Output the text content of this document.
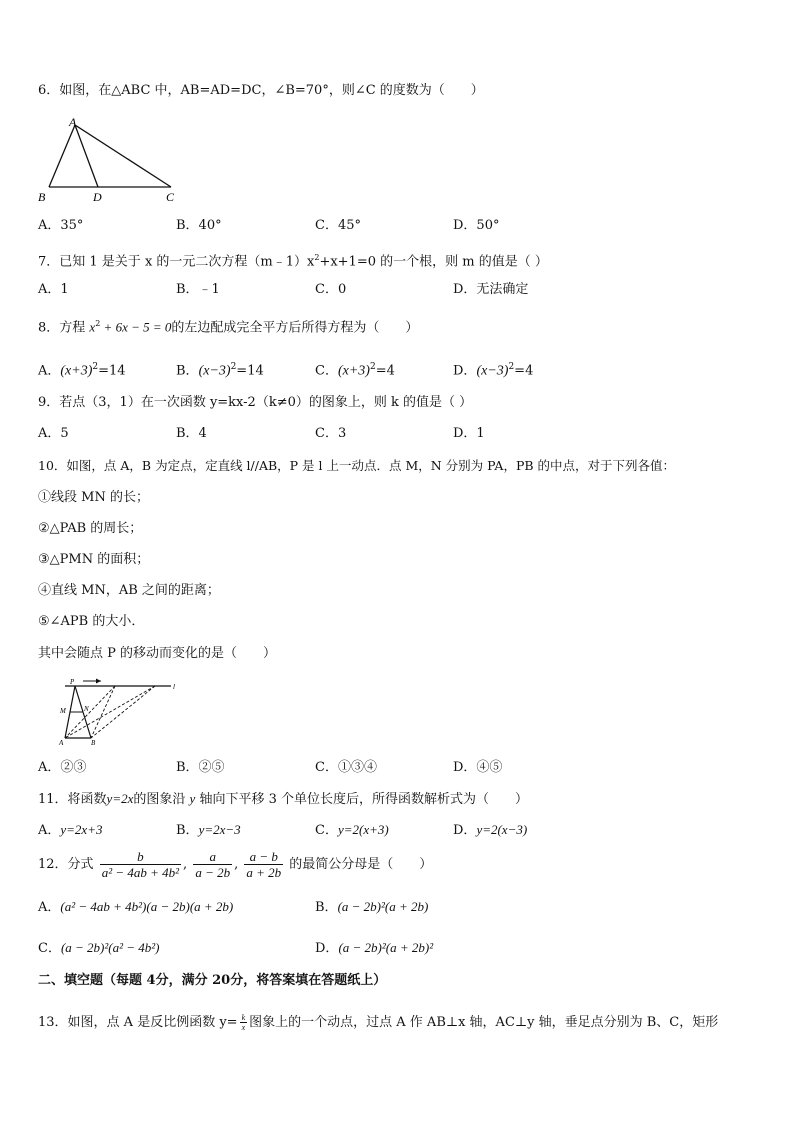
6．如图，在△ABC 中，AB=AD=DC，∠B=70°，则∠C 的度数为（　　）
A
B	D	C
A．35°	B．40°	C．45°	D．50°
7．已知 1 是关于 x 的一元二次方程$(m﹣1)x^2+x+1=0$ 的一个根，则 m 的值是（ ）
A．1	B．﹣1	C．0	D．无法确定
8．方程 $x^2 + 6x - 5 = 0$的左边配成完全平方后所得方程为（　　）
A．$(x+3)^2=14$	B．$(x-3)^2=14$	C．$(x+3)^2=4$	D．$(x-3)^2=4$
9．若点（3，1）在一次函数 y=kx-2（k≠0）的图象上，则 k 的值是（ ）
A．5	B．4	C．3	D．1
10．如图，点 A，B 为定点，定直线 l//AB，P 是 l 上一动点．点 M，N 分别为 PA，PB 的中点，对于下列各值：
①线段 MN 的长；
②△PAB 的周长；
③△PMN 的面积；
④直线 MN，AB 之间的距离；
⑤∠APB 的大小．
其中会随点 P 的移动而变化的是（　　）
P
M	N
A	B
l
A．②③	B．②⑤	C．①③④	D．④⑤
11．将函数y=2x的图象沿 y 轴向下平移 3 个单位长度后，所得函数解析式为（　　）
A．y=2x+3	B．y=2x−3	C．y=2(x+3)	D．y=2(x−3)
12．分式 $\frac{b}{\text{a² − 4ab + 4b²}}$ , $\frac{a}{a - 2b}$ , $\frac{a - b}{a + 2b}$ 的最简公分母是（　　）
A．(a² − 4ab + 4b²)(a − 2b)(a + 2b)	B．(a − 2b)²(a + 2b)
C．(a − 2b)²(a² − 4b²)	D．(a − 2b)²(a + 2b)²
二、填空题（每题 4分，满分 20分，将答案填在答题纸上）
13．如图，点 A 是反比例函数 $y= \frac{k}{x}$ 图象上的一个动点，过点 A 作 AB⊥x 轴，AC⊥y 轴，垂足点分别为 B、C，矩形
